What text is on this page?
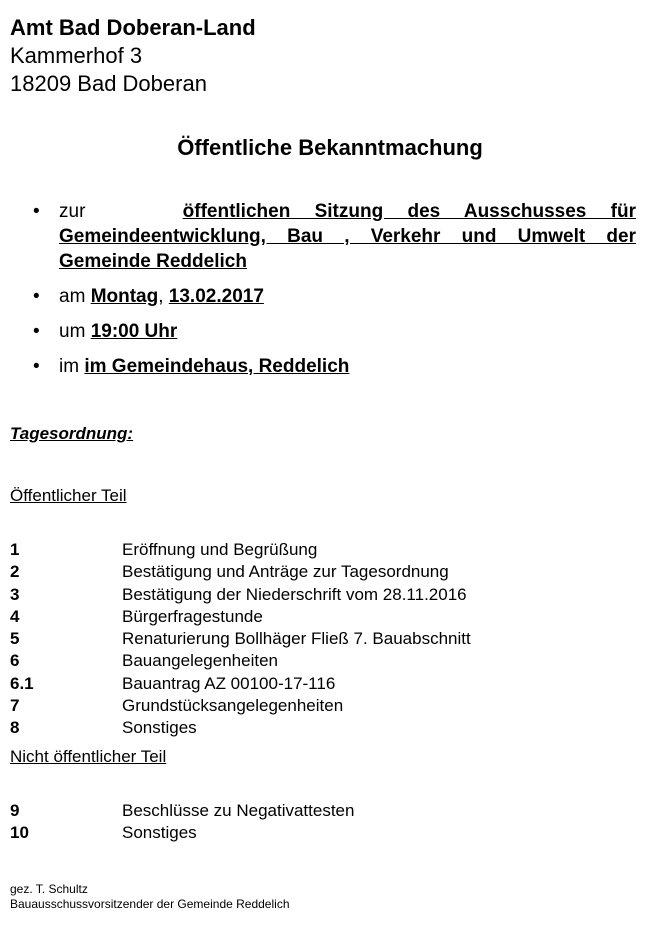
Amt Bad Doberan-Land
Kammerhof 3
18209 Bad Doberan
Öffentliche Bekanntmachung
• zur	öffentlichen Sitzung des Ausschusses für Gemeindeentwicklung, Bau , Verkehr und Umwelt der Gemeinde Reddelich
• am Montag, 13.02.2017
• um 19:00 Uhr
• im im Gemeindehaus, Reddelich
Tagesordnung:
Öffentlicher Teil
1	Eröffnung und Begrüßung
2	Bestätigung und Anträge zur Tagesordnung
3	Bestätigung der Niederschrift vom 28.11.2016
4	Bürgerfragestunde
5	Renaturierung Bollhäger Fließ 7. Bauabschnitt
6	Bauangelegenheiten
6.1	Bauantrag AZ 00100-17-116
7	Grundstücksangelegenheiten
8	Sonstiges
Nicht öffentlicher Teil
9	Beschlüsse zu Negativattesten
10	Sonstiges
gez. T. Schultz
Bauausschussvorsitzender der Gemeinde Reddelich
